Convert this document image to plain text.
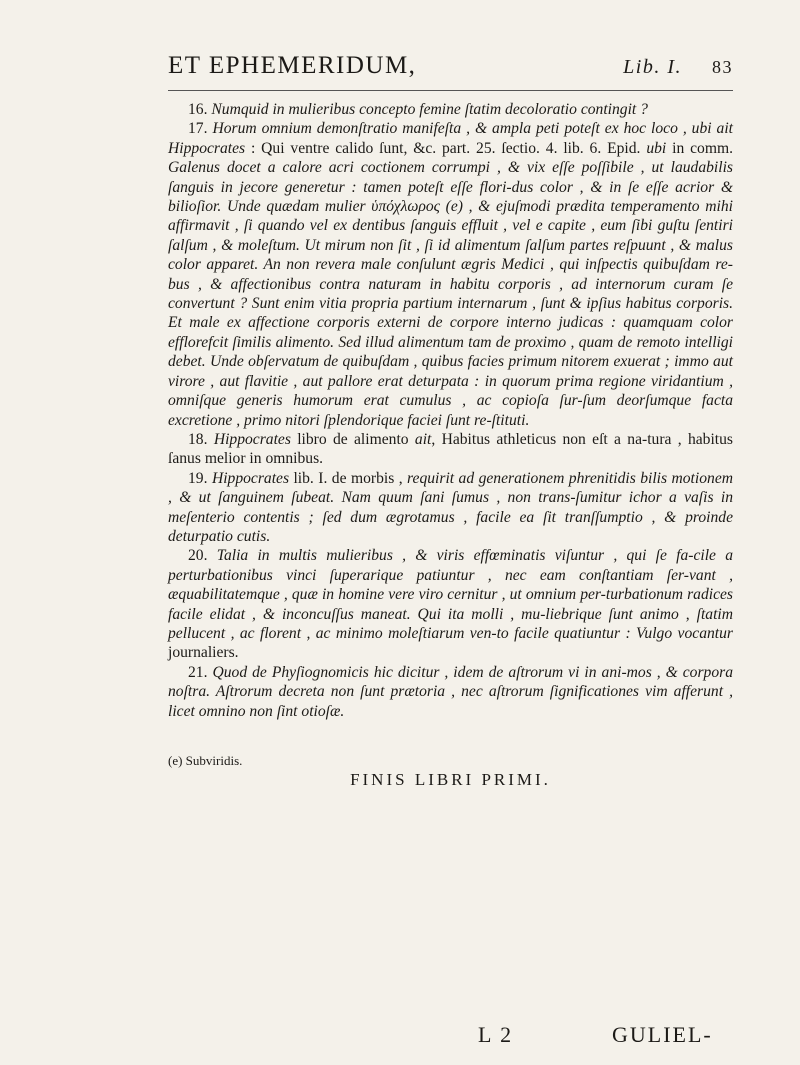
ET EPHEMERIDUM,	Lib. I. 83

16. Numquid in mulieribus concepto femine ſtatim decoloratio contingit ?

17. Horum omnium demonſtratio manifeſta , & ampla peti poteſt ex hoc loco , ubi ait Hippocrates : Qui ventre calido ſunt, &c. part. 25. ſectio. 4. lib. 6. Epid. ubi in comm. Galenus docet a calore acri coctionem corrumpi , & vix eſſe poſſibile , ut laudabilis ſanguis in jecore generetur : tamen poteſt eſſe flori-dus color , & in ſe eſſe acrior & bilioſior. Unde quædam mulier ὑπόχλωρος (e) , & ejuſmodi prædita temperamento mihi affirmavit , ſi quando vel ex dentibus ſanguis effluit , vel e capite , eum ſibi guſtu ſentiri ſalſum , & moleſtum. Ut mirum non ſit , ſi id alimentum ſalſum partes reſpuunt , & malus color apparet. An non revera male conſulunt ægris Medici , qui inſpectis quibuſdam re-bus , & affectionibus contra naturam in habitu corporis , ad internorum curam ſe convertunt ? Sunt enim vitia propria partium internarum , ſunt & ipſius habitus corporis. Et male ex affectione corporis externi de corpore interno judicas : quamquam color efflorefcit ſimilis alimento. Sed illud alimentum tam de proximo , quam de remoto intelligi debet. Unde obſervatum de quibuſdam , quibus facies primum nitorem exuerat ; immo aut virore , aut flavitie , aut pallore erat deturpata : in quorum prima regione viridantium , omniſque generis humorum erat cumulus , ac copioſa ſur-ſum deorſumque facta excretione , primo nitori ſplendorique faciei ſunt re-ſtituti.

18. Hippocrates libro de alimento ait, Habitus athleticus non eſt a na-tura , habitus ſanus melior in omnibus.

19. Hippocrates lib. I. de morbis , requirit ad generationem phrenitidis bilis motionem , & ut ſanguinem ſubeat. Nam quum ſani ſumus , non trans-ſumitur ichor a vaſis in meſenterio contentis ; ſed dum ægrotamus , facile ea ſit tranſſumptio , & proinde deturpatio cutis.

20. Talia in multis mulieribus , & viris effœminatis viſuntur , qui ſe fa-cile a perturbationibus vinci ſuperarique patiuntur , nec eam conſtantiam ſer-vant , æquabilitatemque , quæ in homine vere viro cernitur , ut omnium per-turbationum radices facile elidat , & inconcuſſus maneat. Qui ita molli , mu-liebrique ſunt animo , ſtatim pellucent , ac florent , ac minimo moleſtiarum ven-to facile quatiuntur : Vulgo vocantur journaliers.

21. Quod de Phyſiognomicis hic dicitur , idem de aſtrorum vi in ani-mos , & corpora noſtra. Aſtrorum decreta non ſunt prætoria , nec aſtrorum ſignificationes vim afferunt , licet omnino non ſint otioſæ.

(e) Subviridis.
FINIS LIBRI PRIMI.
L 2	GULIEL-
